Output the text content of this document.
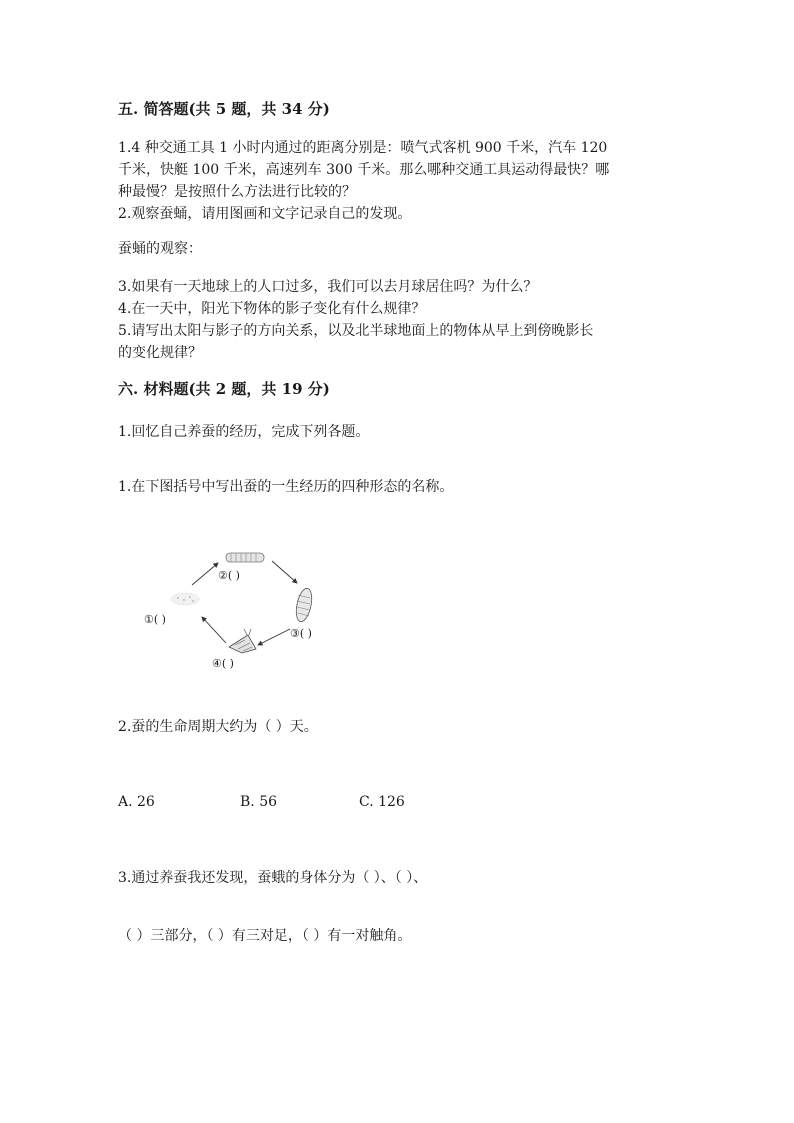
五. 简答题(共 5 题，共 34 分)
1.4 种交通工具 1 小时内通过的距离分别是：喷气式客机 900 千米，汽车 120
千米，快艇 100 千米，高速列车 300 千米。那么哪种交通工具运动得最快？哪
种最慢？是按照什么方法进行比较的？
2.观察蚕蛹，请用图画和文字记录自己的发现。
蚕蛹的观察：
3.如果有一天地球上的人口过多，我们可以去月球居住吗？为什么？
4.在一天中，阳光下物体的影子变化有什么规律？
5.请写出太阳与影子的方向关系，以及北半球地面上的物体从早上到傍晚影长
的变化规律？
六. 材料题(共 2 题，共 19 分)
1.回忆自己养蚕的经历，完成下列各题。
1.在下图括号中写出蚕的一生经历的四种形态的名称。
①( )
②( )
③( )
④( )
2.蚕的生命周期大约为（ ）天。
A. 26	B. 56	C. 126
3.通过养蚕我还发现，蚕蛾的身体分为（ ）、（ ）、
（ ）三部分，（ ）有三对足，（ ）有一对触角。
